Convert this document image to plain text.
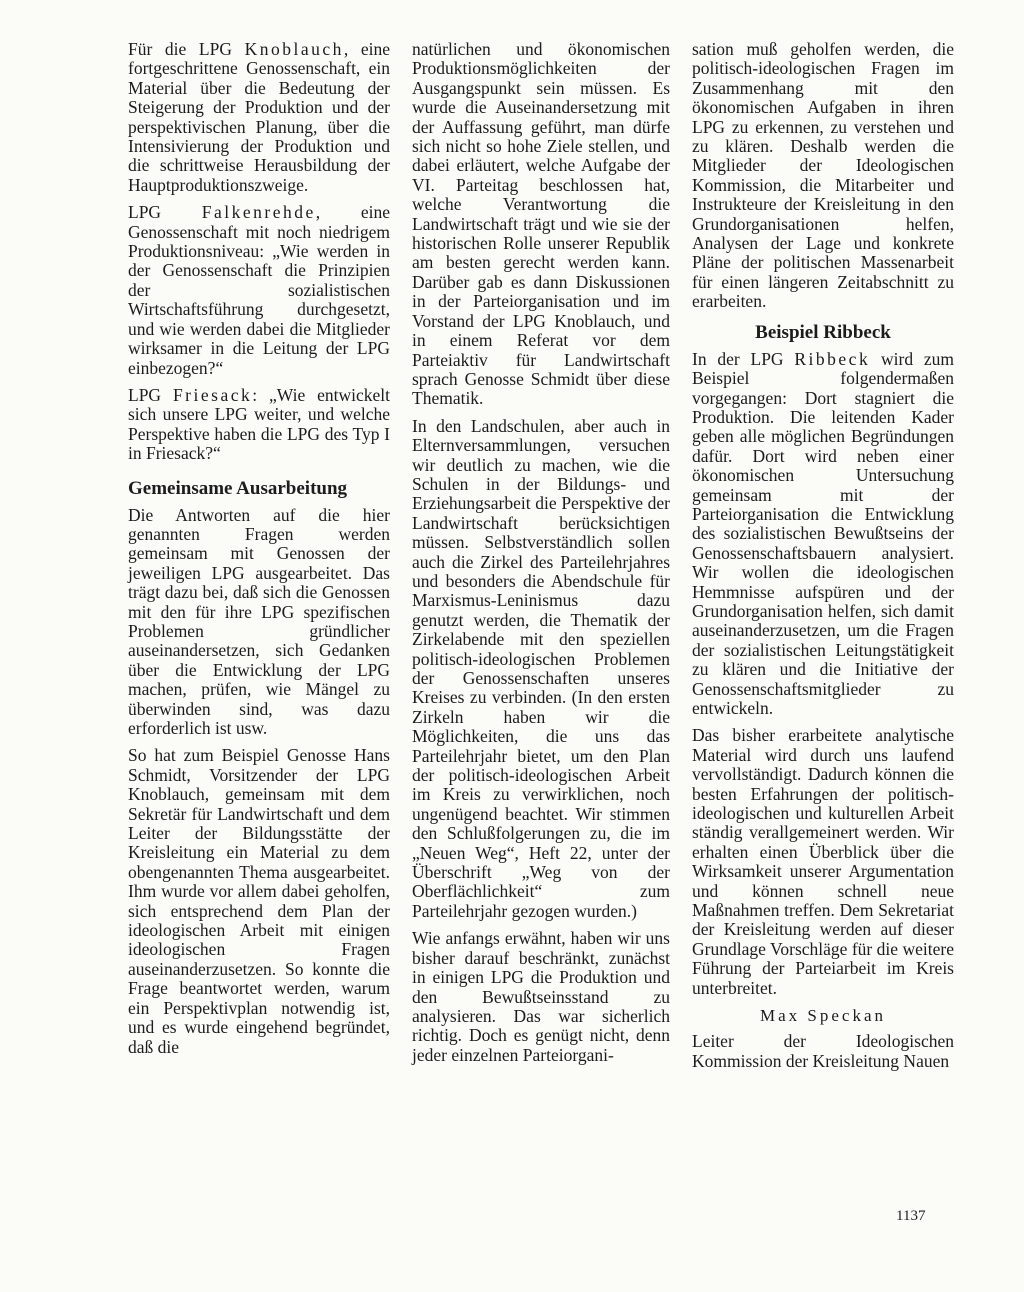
Für die LPG Knoblauch, eine fortgeschrittene Genossenschaft, ein Material über die Bedeutung der Steigerung der Produktion und der perspektivischen Planung, über die Intensivierung der Produktion und die schrittweise Herausbildung der Hauptproduktionszweige.

LPG Falkenrehde, eine Genossenschaft mit noch niedrigem Produktionsniveau: „Wie werden in der Genossenschaft die Prinzipien der sozialistischen Wirtschaftsführung durchgesetzt, und wie werden dabei die Mitglieder wirksamer in die Leitung der LPG einbezogen?“

LPG Friesack: „Wie entwickelt sich unsere LPG weiter, und welche Perspektive haben die LPG des Typ I in Friesack?“

Gemeinsame Ausarbeitung

Die Antworten auf die hier genannten Fragen werden gemeinsam mit Genossen der jeweiligen LPG ausgearbeitet. Das trägt dazu bei, daß sich die Genossen mit den für ihre LPG spezifischen Problemen gründlicher auseinandersetzen, sich Gedanken über die Entwicklung der LPG machen, prüfen, wie Mängel zu überwinden sind, was dazu erforderlich ist usw.

So hat zum Beispiel Genosse Hans Schmidt, Vorsitzender der LPG Knoblauch, gemeinsam mit dem Sekretär für Landwirtschaft und dem Leiter der Bildungsstätte der Kreisleitung ein Material zu dem obengenannten Thema ausgearbeitet. Ihm wurde vor allem dabei geholfen, sich entsprechend dem Plan der ideologischen Arbeit mit einigen ideologischen Fragen auseinanderzusetzen. So konnte die Frage beantwortet werden, warum ein Perspektivplan notwendig ist, und es wurde eingehend begründet, daß die

natürlichen und ökonomischen Produktionsmöglichkeiten der Ausgangspunkt sein müssen. Es wurde die Auseinandersetzung mit der Auffassung geführt, man dürfe sich nicht so hohe Ziele stellen, und dabei erläutert, welche Aufgabe der VI. Parteitag beschlossen hat, welche Verantwortung die Landwirtschaft trägt und wie sie der historischen Rolle unserer Republik am besten gerecht werden kann. Darüber gab es dann Diskussionen in der Parteiorganisation und im Vorstand der LPG Knoblauch, und in einem Referat vor dem Parteiaktiv für Landwirtschaft sprach Genosse Schmidt über diese Thematik.

In den Landschulen, aber auch in Elternversammlungen, versuchen wir deutlich zu machen, wie die Schulen in der Bildungs- und Erziehungsarbeit die Perspektive der Landwirtschaft berücksichtigen müssen. Selbstverständlich sollen auch die Zirkel des Parteilehrjahres und besonders die Abendschule für Marxismus-Leninismus dazu genutzt werden, die Thematik der Zirkelabende mit den speziellen politisch-ideologischen Problemen der Genossenschaften unseres Kreises zu verbinden. (In den ersten Zirkeln haben wir die Möglichkeiten, die uns das Parteilehrjahr bietet, um den Plan der politisch-ideologischen Arbeit im Kreis zu verwirklichen, noch ungenügend beachtet. Wir stimmen den Schlußfolgerungen zu, die im „Neuen Weg“, Heft 22, unter der Überschrift „Weg von der Oberflächlichkeit“ zum Parteilehrjahr gezogen wurden.)

Wie anfangs erwähnt, haben wir uns bisher darauf beschränkt, zunächst in einigen LPG die Produktion und den Bewußtseinsstand zu analysieren. Das war sicherlich richtig. Doch es genügt nicht, denn jeder einzelnen Parteiorgani-

sation muß geholfen werden, die politisch-ideologischen Fragen im Zusammenhang mit den ökonomischen Aufgaben in ihren LPG zu erkennen, zu verstehen und zu klären. Deshalb werden die Mitglieder der Ideologischen Kommission, die Mitarbeiter und Instrukteure der Kreisleitung in den Grundorganisationen helfen, Analysen der Lage und konkrete Pläne der politischen Massenarbeit für einen längeren Zeitabschnitt zu erarbeiten.

Beispiel Ribbeck

In der LPG Ribbeck wird zum Beispiel folgendermaßen vorgegangen: Dort stagniert die Produktion. Die leitenden Kader geben alle möglichen Begründungen dafür. Dort wird neben einer ökonomischen Untersuchung gemeinsam mit der Parteiorganisation die Entwicklung des sozialistischen Bewußtseins der Genossenschaftsbauern analysiert. Wir wollen die ideologischen Hemmnisse aufspüren und der Grundorganisation helfen, sich damit auseinanderzusetzen, um die Fragen der sozialistischen Leitungstätigkeit zu klären und die Initiative der Genossenschaftsmitglieder zu entwickeln.

Das bisher erarbeitete analytische Material wird durch uns laufend vervollständigt. Dadurch können die besten Erfahrungen der politisch-ideologischen und kulturellen Arbeit ständig verallgemeinert werden. Wir erhalten einen Überblick über die Wirksamkeit unserer Argumentation und können schnell neue Maßnahmen treffen. Dem Sekretariat der Kreisleitung werden auf dieser Grundlage Vorschläge für die weitere Führung der Parteiarbeit im Kreis unterbreitet.

Max Speckan

Leiter der Ideologischen Kommission der Kreisleitung Nauen

1137
